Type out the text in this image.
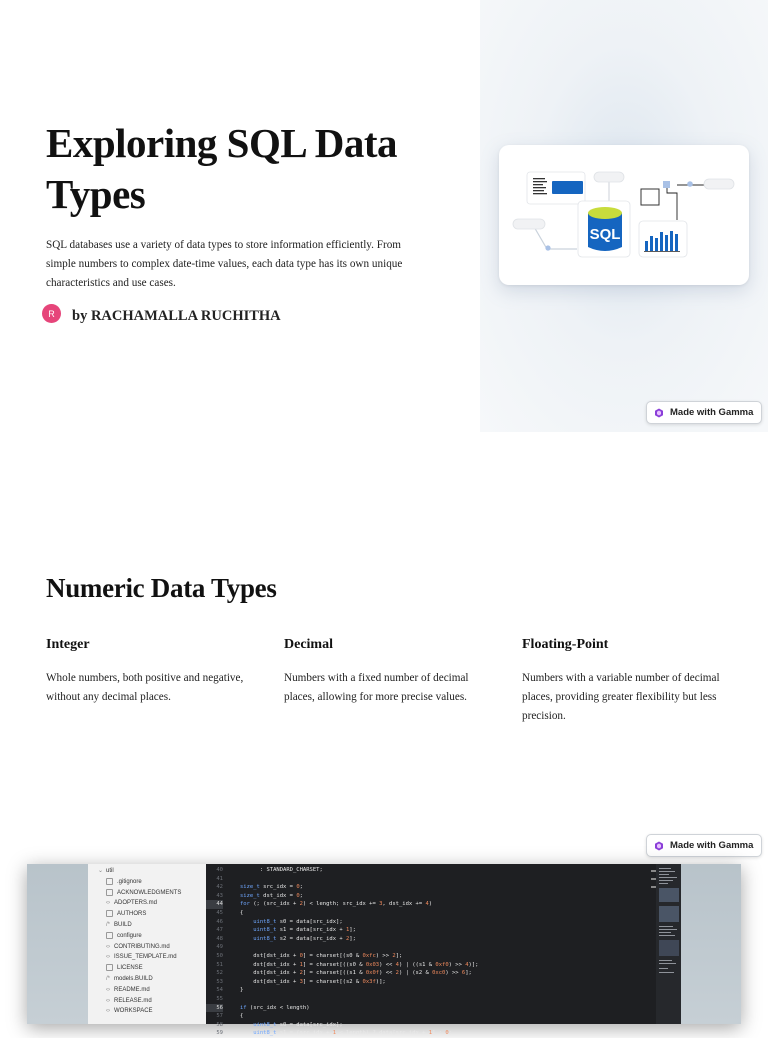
Exploring SQL Data Types

SQL databases use a variety of data types to store information efficiently. From simple numbers to complex date-time values, each data type has its own unique characteristics and use cases.

R	by RACHAMALLA RUCHITHA
SQL
Made with Gamma
Numeric Data Types
Integer
Whole numbers, both positive and negative, without any decimal places.
Decimal
Numbers with a fixed number of decimal places, allowing for more precise values.
Floating-Point
Numbers with a variable number of decimal places, providing greater flexibility but less precision.
Made with Gamma
⌄ util
.gitignore
ACKNOWLEDGMENTS
‹› ADOPTERS.md
AUTHORS
/* BUILD
configure
‹› CONTRIBUTING.md
‹› ISSUE_TEMPLATE.md
LICENSE
/* models.BUILD
‹› README.md
‹› RELEASE.md
‹› WORKSPACE
40
41
42
43
44
45
46
47
48
49
50
51
52
53
54
55
56
57
58
59
: STANDARD_CHARSET;
size_t src_idx = 0;
size_t dst_idx = 0;
for (; (src_idx + 2) < length; src_idx += 3, dst_idx += 4)
{
uint8_t s0 = data[src_idx];
uint8_t s1 = data[src_idx + 1];
uint8_t s2 = data[src_idx + 2];
dst[dst_idx + 0] = charset[(s0 & 0xfc) >> 2];
dst[dst_idx + 1] = charset[((s0 & 0x03) << 4) | ((s1 & 0xf0) >> 4)];
dst[dst_idx + 2] = charset[((s1 & 0x0f) << 2) | (s2 & 0xc0) >> 6];
dst[dst_idx + 3] = charset[(s2 & 0x3f)];
}
if (src_idx < length)
{
uint8_t s0 = data[src_idx];
uint8_t s1 = (src_idx + 1 < length) ? data[src_idx + 1] : 0;
